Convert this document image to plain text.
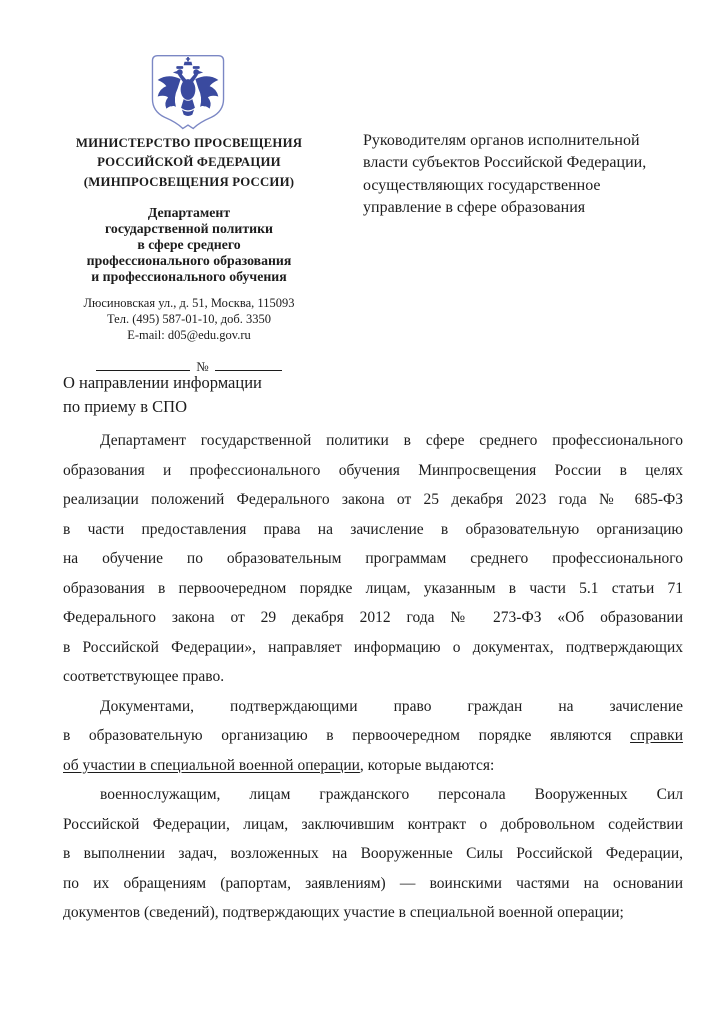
МИНИСТЕРСТВО ПРОСВЕЩЕНИЯ
РОССИЙСКОЙ ФЕДЕРАЦИИ
(МИНПРОСВЕЩЕНИЯ РОССИИ)
Департамент
государственной политики
в сфере среднего
профессионального образования
и профессионального обучения
Люсиновская ул., д. 51, Москва, 115093
Тел. (495) 587-01-10, доб. 3350
E-mail: d05@edu.gov.ru
№
Руководителям органов исполнительной
власти субъектов Российской Федерации,
осуществляющих государственное
управление в сфере образования
О направлении информации
по приему в СПО
Департамент государственной политики в сфере среднего профессионального
образования и профессионального обучения Минпросвещения России в целях
реализации положений Федерального закона от 25 декабря 2023 года № 685-ФЗ
в части предоставления права на зачисление в образовательную организацию
на обучение по образовательным программам среднего профессионального
образования в первоочередном порядке лицам, указанным в части 5.1 статьи 71
Федерального закона от 29 декабря 2012 года № 273-ФЗ «Об образовании
в Российской Федерации», направляет информацию о документах, подтверждающих
соответствующее право.
Документами, подтверждающими право граждан на зачисление
в образовательную организацию в первоочередном порядке являются справки
об участии в специальной военной операции, которые выдаются:
военнослужащим, лицам гражданского персонала Вооруженных Сил
Российской Федерации, лицам, заключившим контракт о добровольном содействии
в выполнении задач, возложенных на Вооруженные Силы Российской Федерации,
по их обращениям (рапортам, заявлениям) — воинскими частями на основании
документов (сведений), подтверждающих участие в специальной военной операции;
